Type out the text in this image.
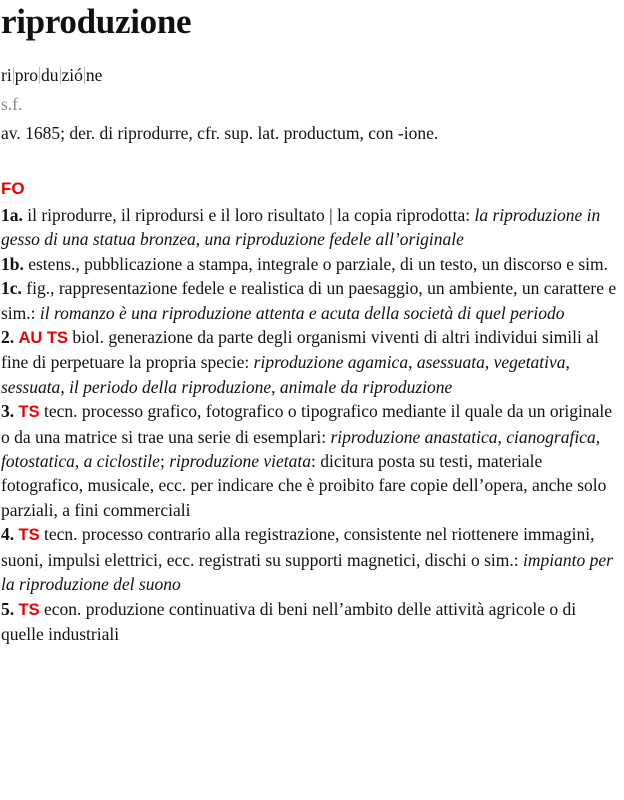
riproduzione
ri pro du zió ne
s.f.
av. 1685; der. di riprodurre, cfr. sup. lat. productum, con -ione.
FO

1a. il riprodurre, il riprodursi e il loro risultato | la copia riprodotta: la riproduzione in gesso di una statua bronzea, una riproduzione fedele all’originale

1b. estens., pubblicazione a stampa, integrale o parziale, di un testo, un discorso e sim.

1c. fig., rappresentazione fedele e realistica di un paesaggio, un ambiente, un carattere e sim.: il romanzo è una riproduzione attenta e acuta della società di quel periodo

2. AU TS biol. generazione da parte degli organismi viventi di altri individui simili al fine di perpetuare la propria specie: riproduzione agamica, asessuata, vegetativa, sessuata, il periodo della riproduzione, animale da riproduzione

3. TS tecn. processo grafico, fotografico o tipografico mediante il quale da un originale o da una matrice si trae una serie di esemplari: riproduzione anastatica, cianografica, fotostatica, a ciclostile; riproduzione vietata: dicitura posta su testi, materiale fotografico, musicale, ecc. per indicare che è proibito fare copie dell’opera, anche solo parziali, a fini commerciali

4. TS tecn. processo contrario alla registrazione, consistente nel riottenere immagini, suoni, impulsi elettrici, ecc. registrati su supporti magnetici, dischi o sim.: impianto per la riproduzione del suono

5. TS econ. produzione continuativa di beni nell’ambito delle attività agricole o di quelle industriali
